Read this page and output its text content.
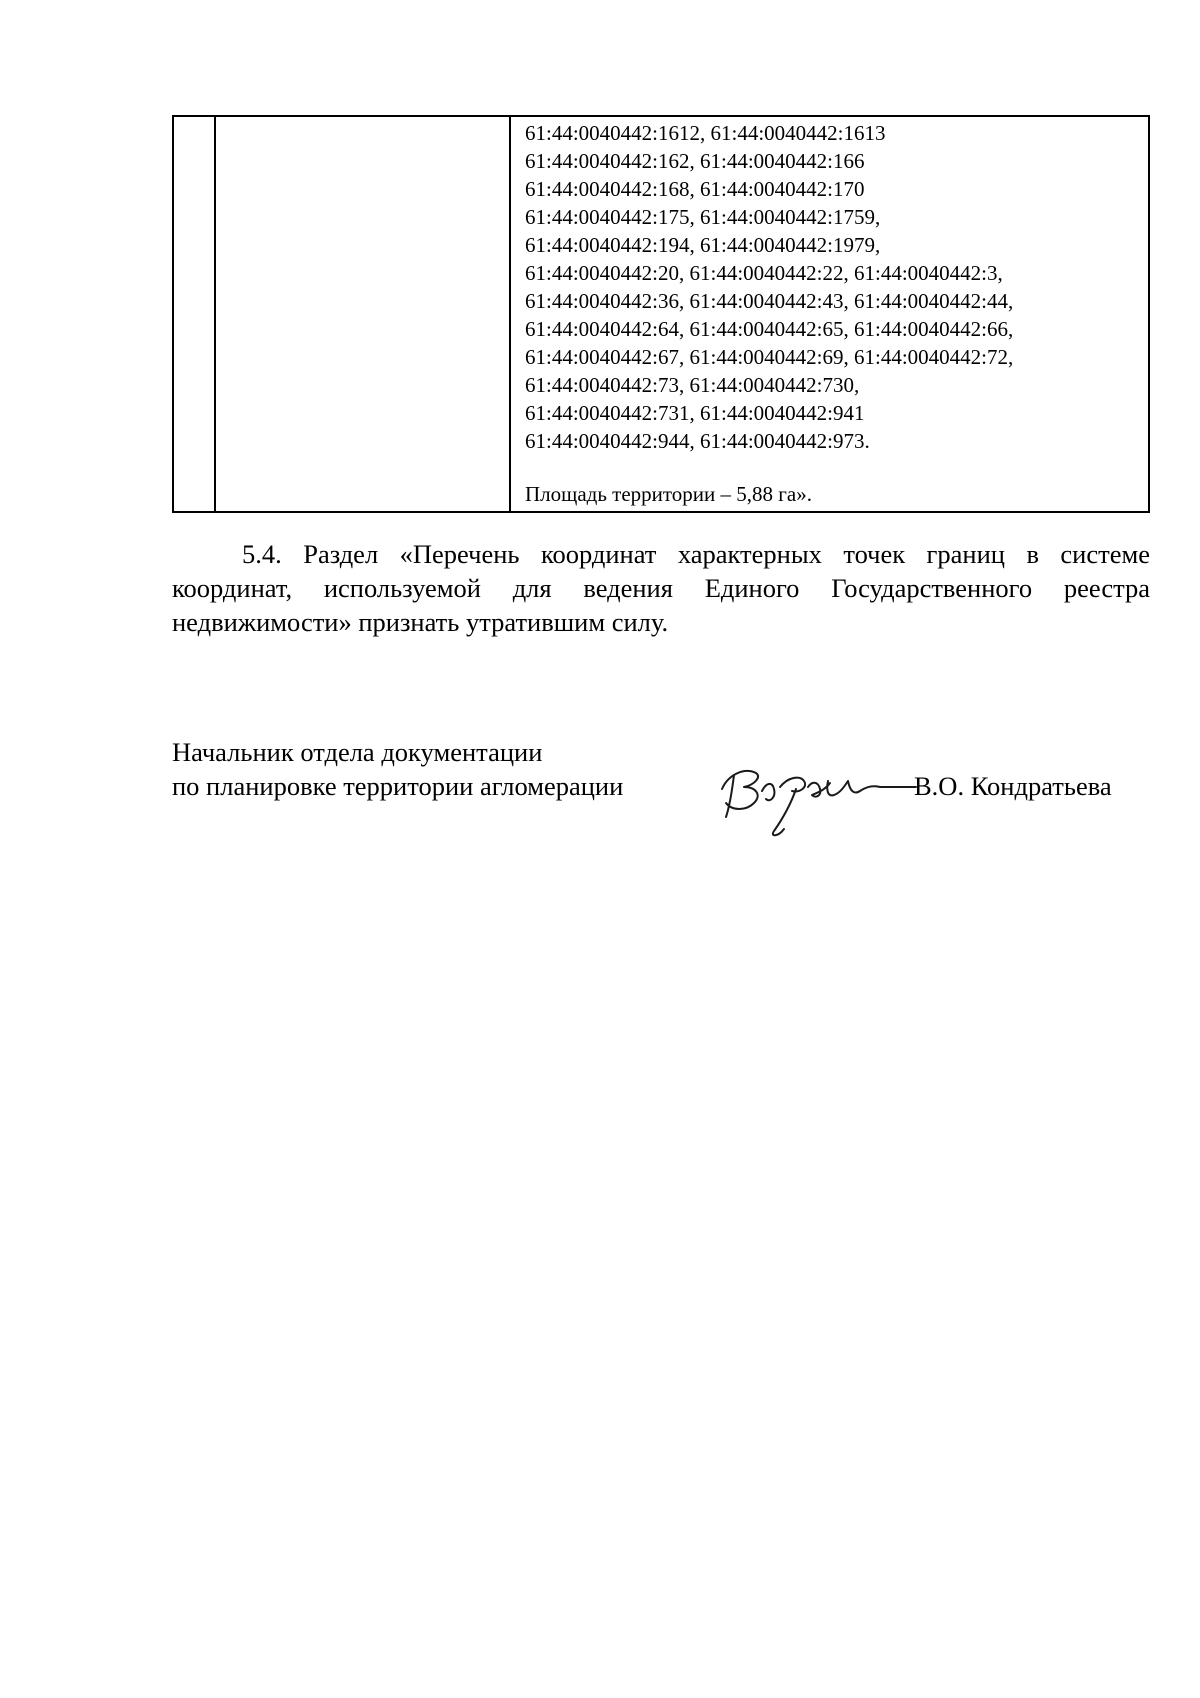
61:44:0040442:1612, 61:44:0040442:1613
61:44:0040442:162, 61:44:0040442:166
61:44:0040442:168, 61:44:0040442:170
61:44:0040442:175, 61:44:0040442:1759,
61:44:0040442:194, 61:44:0040442:1979,
61:44:0040442:20, 61:44:0040442:22, 61:44:0040442:3,
61:44:0040442:36, 61:44:0040442:43, 61:44:0040442:44,
61:44:0040442:64, 61:44:0040442:65, 61:44:0040442:66,
61:44:0040442:67, 61:44:0040442:69, 61:44:0040442:72,
61:44:0040442:73, 61:44:0040442:730,
61:44:0040442:731, 61:44:0040442:941
61:44:0040442:944, 61:44:0040442:973.
Площадь территории – 5,88 га».

5.4. Раздел «Перечень координат характерных точек границ в системе координат, используемой для ведения Единого Государственного реестра недвижимости» признать утратившим силу.

Начальник отдела документации
по планировке территории агломерации	В.О. Кондратьева
